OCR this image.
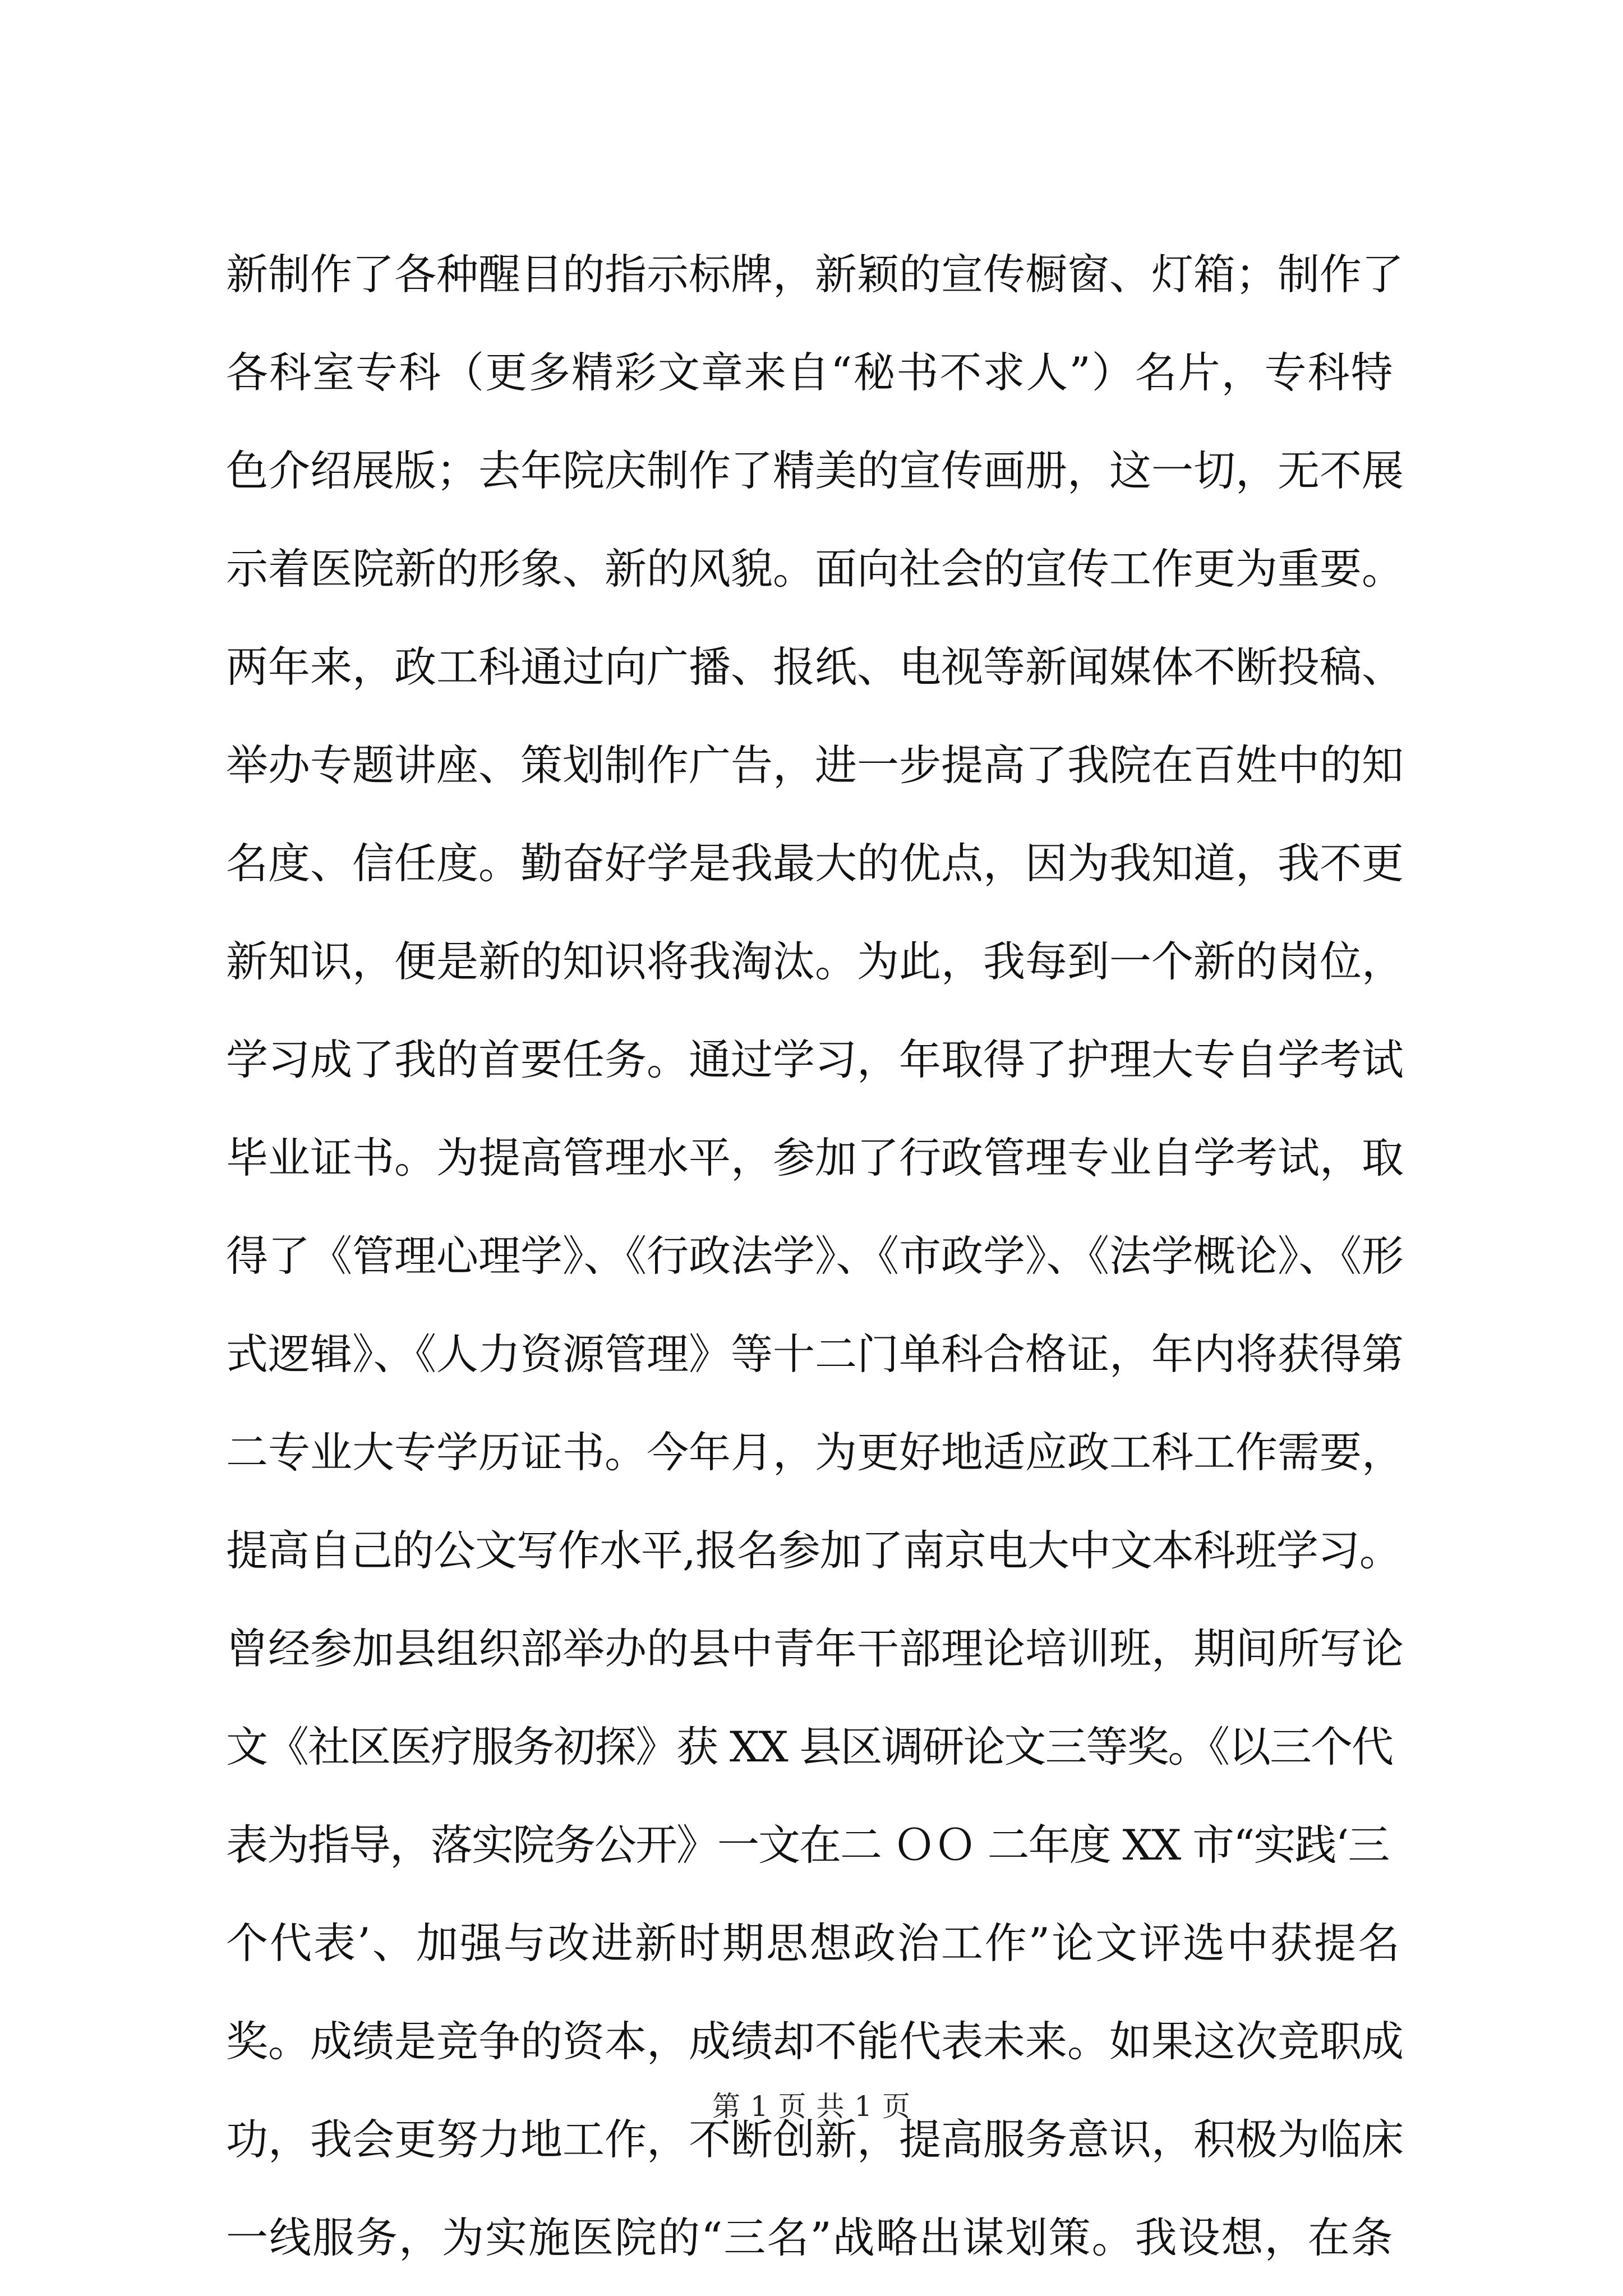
新制作了各种醒目的指示标牌，新颖的宣传橱窗、灯箱；制作了
各科室专科（更多精彩文章来自“秘书不求人”）名片，专科特
色介绍展版；去年院庆制作了精美的宣传画册，这一切，无不展
示着医院新的形象、新的风貌。面向社会的宣传工作更为重要。
两年来，政工科通过向广播、报纸、电视等新闻媒体不断投稿、
举办专题讲座、策划制作广告，进一步提高了我院在百姓中的知
名度、信任度。勤奋好学是我最大的优点，因为我知道，我不更
新知识，便是新的知识将我淘汰。为此，我每到一个新的岗位，
学习成了我的首要任务。通过学习，年取得了护理大专自学考试
毕业证书。为提高管理水平，参加了行政管理专业自学考试，取
得了《管理心理学》、《行政法学》、《市政学》、《法学概论》、《形
式逻辑》、《人力资源管理》等十二门单科合格证，年内将获得第
二专业大专学历证书。今年月，为更好地适应政工科工作需要，
提高自己的公文写作水平,报名参加了南京电大中文本科班学习。
曾经参加县组织部举办的县中青年干部理论培训班，期间所写论
文《社区医疗服务初探》获 XX 县区调研论文三等奖。《以三个代
表为指导，落实院务公开》一文在二 ＯＯ 二年度 XX 市“实践‘三
个代表’、加强与改进新时期思想政治工作”论文评选中获提名
奖。成绩是竞争的资本，成绩却不能代表未来。如果这次竞职成
功，我会更努力地工作，不断创新，提高服务意识，积极为临床
一线服务，为实施医院的“三名”战略出谋划策。我设想，在条
第 1 页 共 1 页
